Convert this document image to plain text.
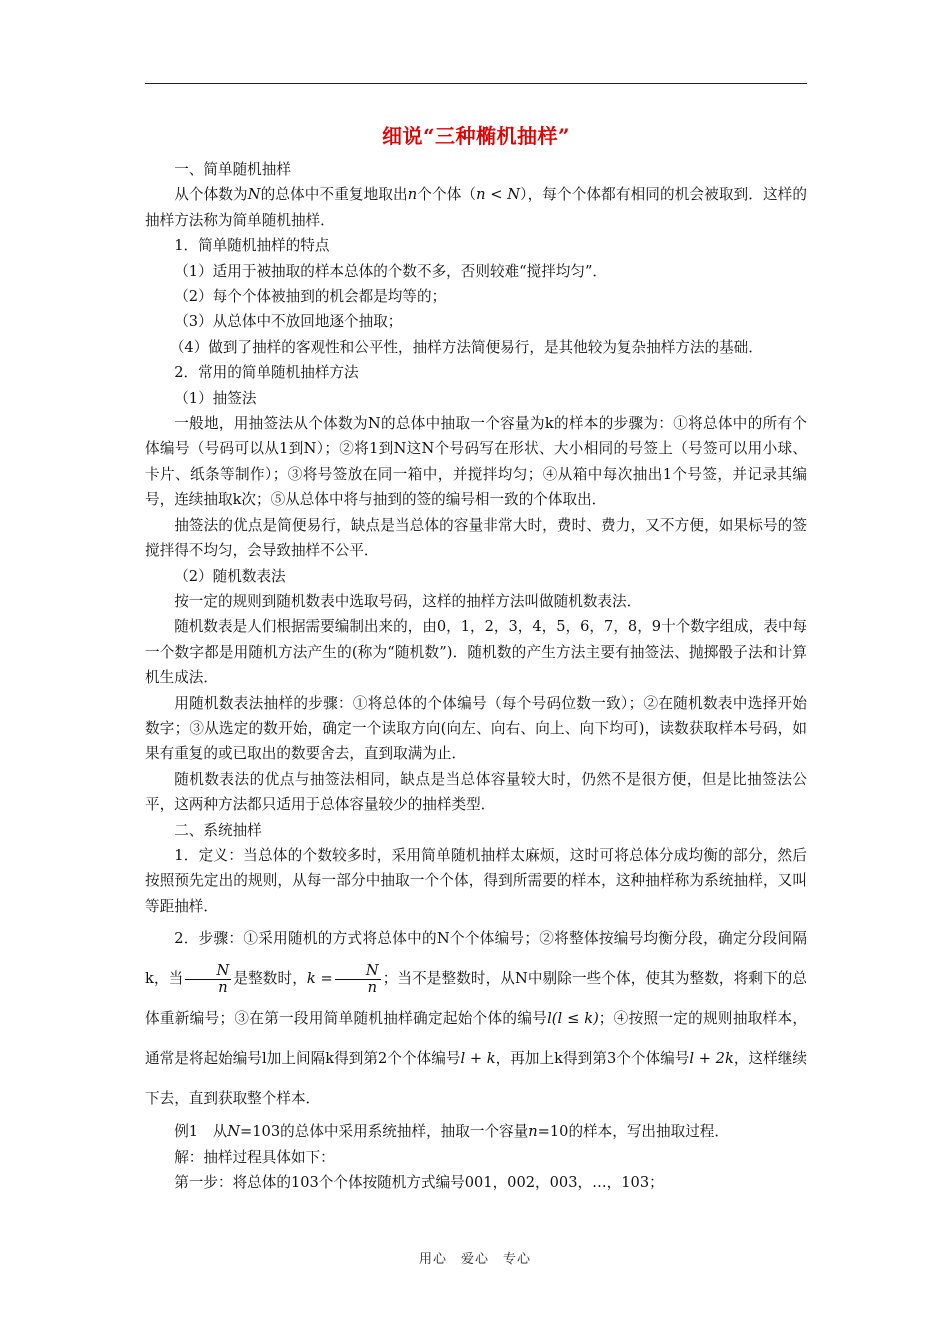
细说“三种椭机抽样”

一、简单随机抽样

从个体数为N的总体中不重复地取出n个个体（n < N），每个个体都有相同的机会被取到．这样的抽样方法称为简单随机抽样．

1．简单随机抽样的特点

（1）适用于被抽取的样本总体的个数不多，否则较难“搅拌均匀”．

（2）每个个体被抽到的机会都是均等的；

（3）从总体中不放回地逐个抽取；

（4）做到了抽样的客观性和公平性，抽样方法简便易行，是其他较为复杂抽样方法的基础．

2．常用的简单随机抽样方法

（1）抽签法

一般地，用抽签法从个体数为N的总体中抽取一个容量为k的样本的步骤为：①将总体中的所有个体编号（号码可以从1到N）；②将1到N这N个号码写在形状、大小相同的号签上（号签可以用小球、卡片、纸条等制作）；③将号签放在同一箱中，并搅拌均匀；④从箱中每次抽出1个号签，并记录其编号，连续抽取k次；⑤从总体中将与抽到的签的编号相一致的个体取出．

抽签法的优点是简便易行，缺点是当总体的容量非常大时，费时、费力，又不方便，如果标号的签搅拌得不均匀，会导致抽样不公平．

（2）随机数表法

按一定的规则到随机数表中选取号码，这样的抽样方法叫做随机数表法．

随机数表是人们根据需要编制出来的，由0，1，2，3，4，5，6，7，8，9十个数字组成，表中每一个数字都是用随机方法产生的(称为“随机数”)．随机数的产生方法主要有抽签法、抛掷骰子法和计算机生成法．

用随机数表法抽样的步骤：①将总体的个体编号（每个号码位数一致）；②在随机数表中选择开始数字；③从选定的数开始，确定一个读取方向(向左、向右、向上、向下均可)，读数获取样本号码，如果有重复的或已取出的数要舍去，直到取满为止．

随机数表法的优点与抽签法相同，缺点是当总体容量较大时，仍然不是很方便，但是比抽签法公平，这两种方法都只适用于总体容量较少的抽样类型．

二、系统抽样

1．定义：当总体的个数较多时，采用简单随机抽样太麻烦，这时可将总体分成均衡的部分，然后按照预先定出的规则，从每一部分中抽取一个个体，得到所需要的样本，这种抽样称为系统抽样，又叫等距抽样．

2．步骤：①采用随机的方式将总体中的N个个体编号；②将整体按编号均衡分段，确定分段间隔k，当 $\frac{N}{n}$ 是整数时，$k = \frac{N}{n}$ ；当不是整数时，从N中剔除一些个体，使其为整数，将剩下的总体重新编号；③在第一段用简单随机抽样确定起始个体的编号l(l ≤ k)；④按照一定的规则抽取样本，通常是将起始编号l加上间隔k得到第2个个体编号l + k，再加上k得到第3个个体编号l + 2k，这样继续下去，直到获取整个样本．

例1　从N=103的总体中采用系统抽样，抽取一个容量n=10的样本，写出抽取过程．

解：抽样过程具体如下：

第一步：将总体的103个个体按随机方式编号001，002，003，…，103；

用心　爱心　专心
